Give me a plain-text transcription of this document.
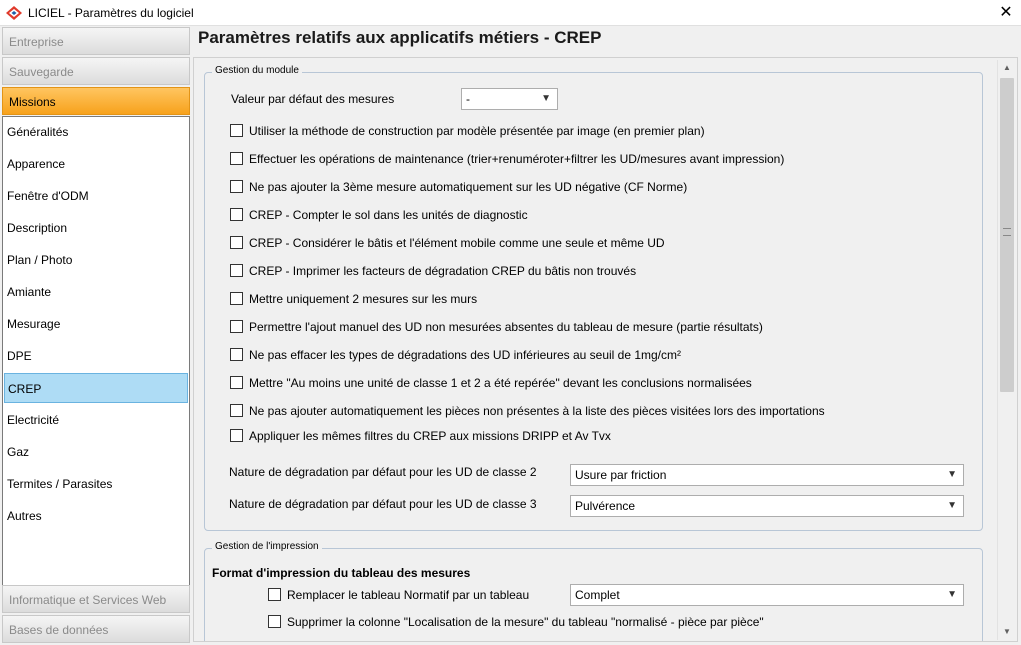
LICIEL - Paramètres du logiciel	✕
Entreprise
Sauvegarde
Missions
Généralités
Apparence
Fenêtre d'ODM
Description
Plan / Photo
Amiante
Mesurage
DPE
CREP
Electricité
Gaz
Termites / Parasites
Autres
Informatique et Services Web
Bases de données
Paramètres relatifs aux applicatifs métiers - CREP
Gestion du module
Valeur par défaut des mesures	-	▼
Utiliser la méthode de construction par modèle présentée par image (en premier plan)
Effectuer les opérations de maintenance (trier+renuméroter+filtrer les UD/mesures avant impression)
Ne pas ajouter la 3ème mesure automatiquement sur les UD négative (CF Norme)
CREP - Compter le sol dans les unités de diagnostic
CREP - Considérer le bâtis et l'élément mobile comme une seule et même UD
CREP - Imprimer les facteurs de dégradation CREP du bâtis non trouvés
Mettre uniquement 2 mesures sur les murs
Permettre l'ajout manuel des UD non mesurées absentes du tableau de mesure (partie résultats)
Ne pas effacer les types de dégradations des UD inférieures au seuil de 1mg/cm²
Mettre "Au moins une unité de classe 1 et 2 a été repérée" devant les conclusions normalisées
Ne pas ajouter automatiquement les pièces non présentes à la liste des pièces visitées lors des importations
Appliquer les mêmes filtres du CREP aux missions DRIPP et Av Tvx
Nature de dégradation par défaut pour les UD de classe 2	Usure par friction	▼
Nature de dégradation par défaut pour les UD de classe 3	Pulvérence	▼
Gestion de l'impression
Format d'impression du tableau des mesures
Remplacer le tableau Normatif par un tableau	Complet	▼
Supprimer la colonne "Localisation de la mesure" du tableau "normalisé - pièce par pièce"
▲
▼
